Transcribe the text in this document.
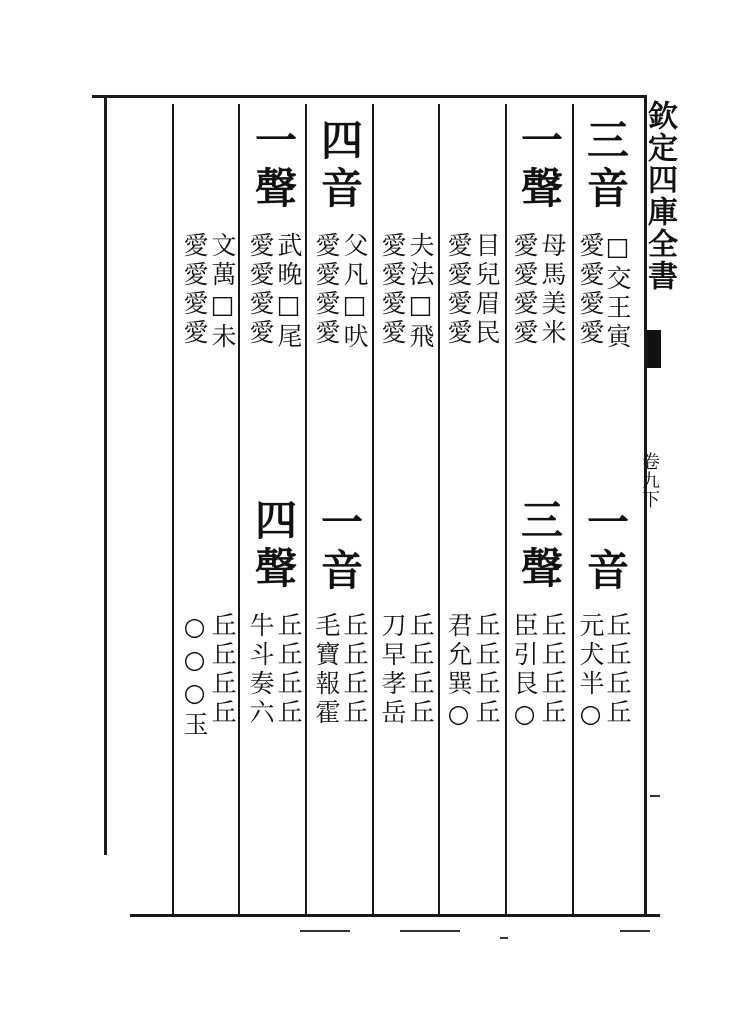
欽定四庫全書
卷九下
三音
□交王寅
愛愛愛愛
一音
丘丘丘丘
元犬半○
一聲
母馬美米
愛愛愛愛
三聲
丘丘丘丘
臣引艮○
目兒眉民
愛愛愛愛
丘丘丘丘
君允巽○
夫法□飛
愛愛愛愛
丘丘丘丘
刀早孝岳
四音
父凡□吠
愛愛愛愛
一音
丘丘丘丘
毛寶報霍
一聲
武晚□尾
愛愛愛愛
四聲
丘丘丘丘
牛斗奏六
文萬□未
愛愛愛愛
丘丘丘丘
○○○玉
